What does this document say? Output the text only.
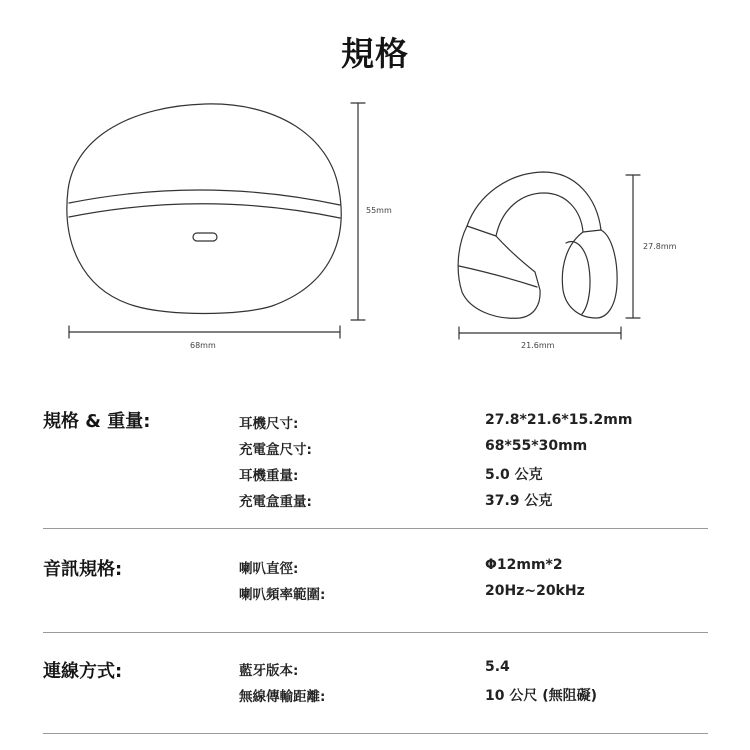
規格
55mm
68mm
27.8mm
21.6mm
規格 & 重量:	耳機尺寸:	27.8*21.6*15.2mm
充電盒尺寸:	68*55*30mm
耳機重量:	5.0 公克
充電盒重量:	37.9 公克
音訊規格:	喇叭直徑:	Φ12mm*2
喇叭頻率範圍:	20Hz~20kHz
連線方式:	藍牙版本:	5.4
無線傳輸距離:	10 公尺 (無阻礙)
